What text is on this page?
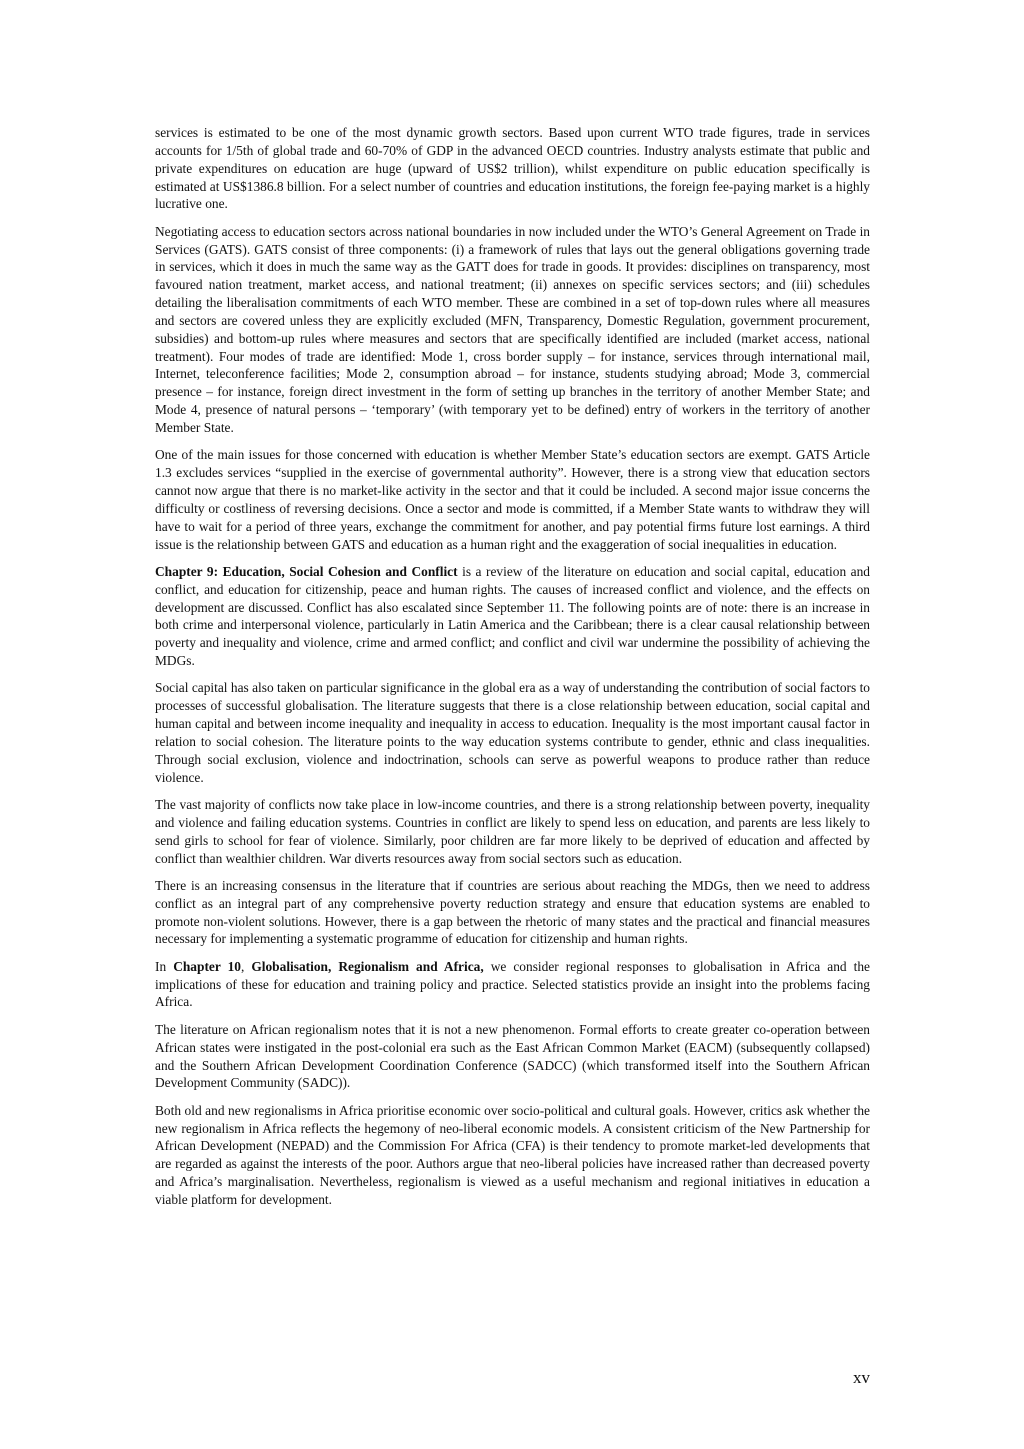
services is estimated to be one of the most dynamic growth sectors. Based upon current WTO trade figures, trade in services accounts for 1/5th of global trade and 60-70% of GDP in the advanced OECD countries. Industry analysts estimate that public and private expenditures on education are huge (upward of US$2 trillion), whilst expenditure on public education specifically is estimated at US$1386.8 billion. For a select number of countries and education institutions, the foreign fee-paying market is a highly lucrative one.

Negotiating access to education sectors across national boundaries in now included under the WTO’s General Agreement on Trade in Services (GATS). GATS consist of three components: (i) a framework of rules that lays out the general obligations governing trade in services, which it does in much the same way as the GATT does for trade in goods. It provides: disciplines on transparency, most favoured nation treatment, market access, and national treatment; (ii) annexes on specific services sectors; and (iii) schedules detailing the liberalisation commitments of each WTO member. These are combined in a set of top-down rules where all measures and sectors are covered unless they are explicitly excluded (MFN, Transparency, Domestic Regulation, government procurement, subsidies) and bottom-up rules where measures and sectors that are specifically identified are included (market access, national treatment). Four modes of trade are identified: Mode 1, cross border supply – for instance, services through international mail, Internet, teleconference facilities; Mode 2, consumption abroad – for instance, students studying abroad; Mode 3, commercial presence – for instance, foreign direct investment in the form of setting up branches in the territory of another Member State; and Mode 4, presence of natural persons – ‘temporary’ (with temporary yet to be defined) entry of workers in the territory of another Member State.

One of the main issues for those concerned with education is whether Member State’s education sectors are exempt. GATS Article 1.3 excludes services “supplied in the exercise of governmental authority”. However, there is a strong view that education sectors cannot now argue that there is no market-like activity in the sector and that it could be included. A second major issue concerns the difficulty or costliness of reversing decisions. Once a sector and mode is committed, if a Member State wants to withdraw they will have to wait for a period of three years, exchange the commitment for another, and pay potential firms future lost earnings. A third issue is the relationship between GATS and education as a human right and the exaggeration of social inequalities in education.

Chapter 9: Education, Social Cohesion and Conflict is a review of the literature on education and social capital, education and conflict, and education for citizenship, peace and human rights. The causes of increased conflict and violence, and the effects on development are discussed. Conflict has also escalated since September 11. The following points are of note: there is an increase in both crime and interpersonal violence, particularly in Latin America and the Caribbean; there is a clear causal relationship between poverty and inequality and violence, crime and armed conflict; and conflict and civil war undermine the possibility of achieving the MDGs.

Social capital has also taken on particular significance in the global era as a way of understanding the contribution of social factors to processes of successful globalisation. The literature suggests that there is a close relationship between education, social capital and human capital and between income inequality and inequality in access to education. Inequality is the most important causal factor in relation to social cohesion. The literature points to the way education systems contribute to gender, ethnic and class inequalities. Through social exclusion, violence and indoctrination, schools can serve as powerful weapons to produce rather than reduce violence.

The vast majority of conflicts now take place in low-income countries, and there is a strong relationship between poverty, inequality and violence and failing education systems. Countries in conflict are likely to spend less on education, and parents are less likely to send girls to school for fear of violence. Similarly, poor children are far more likely to be deprived of education and affected by conflict than wealthier children. War diverts resources away from social sectors such as education.

There is an increasing consensus in the literature that if countries are serious about reaching the MDGs, then we need to address conflict as an integral part of any comprehensive poverty reduction strategy and ensure that education systems are enabled to promote non-violent solutions. However, there is a gap between the rhetoric of many states and the practical and financial measures necessary for implementing a systematic programme of education for citizenship and human rights.

In Chapter 10, Globalisation, Regionalism and Africa, we consider regional responses to globalisation in Africa and the implications of these for education and training policy and practice. Selected statistics provide an insight into the problems facing Africa.

The literature on African regionalism notes that it is not a new phenomenon. Formal efforts to create greater co-operation between African states were instigated in the post-colonial era such as the East African Common Market (EACM) (subsequently collapsed) and the Southern African Development Coordination Conference (SADCC) (which transformed itself into the Southern African Development Community (SADC)).

Both old and new regionalisms in Africa prioritise economic over socio-political and cultural goals. However, critics ask whether the new regionalism in Africa reflects the hegemony of neo-liberal economic models. A consistent criticism of the New Partnership for African Development (NEPAD) and the Commission For Africa (CFA) is their tendency to promote market-led developments that are regarded as against the interests of the poor. Authors argue that neo-liberal policies have increased rather than decreased poverty and Africa’s marginalisation. Nevertheless, regionalism is viewed as a useful mechanism and regional initiatives in education a viable platform for development.

xv
